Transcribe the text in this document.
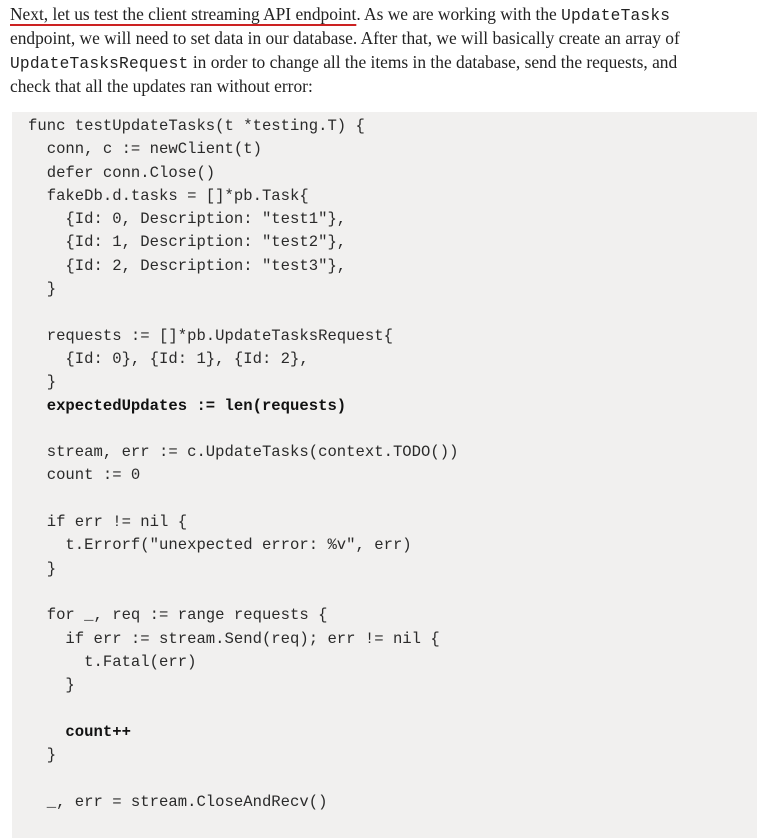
Next, let us test the client streaming API endpoint. As we are working with the UpdateTasks
endpoint, we will need to set data in our database. After that, we will basically create an array of
UpdateTasksRequest in order to change all the items in the database, send the requests, and
check that all the updates ran without error:
func testUpdateTasks(t *testing.T) {
conn, c := newClient(t)
defer conn.Close()
fakeDb.d.tasks = []*pb.Task{
{Id: 0, Description: "test1"},
{Id: 1, Description: "test2"},
{Id: 2, Description: "test3"},
}
requests := []*pb.UpdateTasksRequest{
{Id: 0}, {Id: 1}, {Id: 2},
}
expectedUpdates := len(requests)
stream, err := c.UpdateTasks(context.TODO())
count := 0
if err != nil {
t.Errorf("unexpected error: %v", err)
}
for _, req := range requests {
if err := stream.Send(req); err != nil {
t.Fatal(err)
}
count++
}
_, err = stream.CloseAndRecv()
